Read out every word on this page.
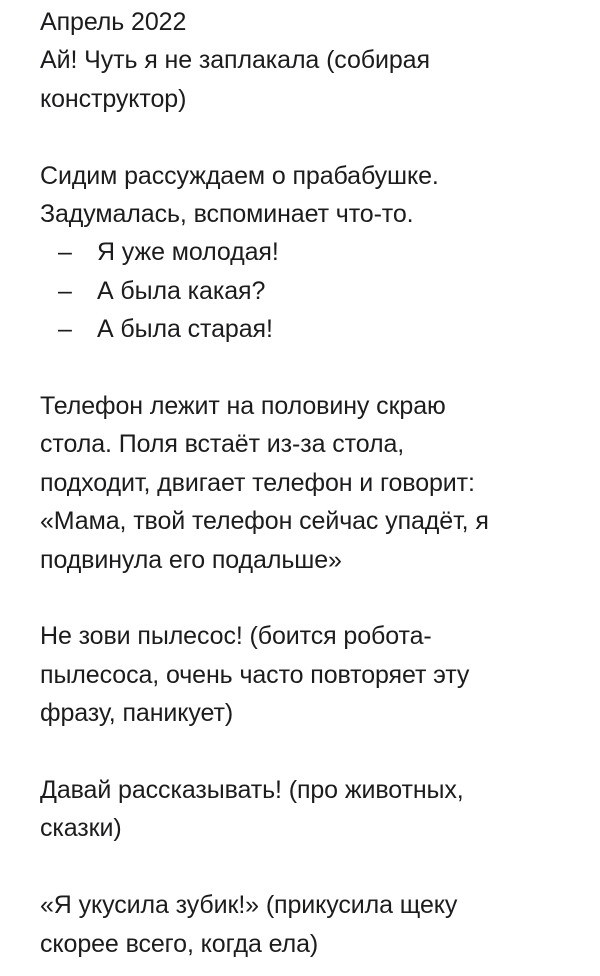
Апрель 2022

Ай! Чуть я не заплакала (собирая

конструктор)

Сидим рассуждаем о прабабушке.

Задумалась, вспоминает что-то.

– Я уже молодая!

– А была какая?

– А была старая!

Телефон лежит на половину скраю

стола. Поля встаёт из-за стола,

подходит, двигает телефон и говорит:

«Мама, твой телефон сейчас упадёт, я

подвинула его подальше»

Не зови пылесос! (боится робота-

пылесоса, очень часто повторяет эту

фразу, паникует)

Давай рассказывать! (про животных,

сказки)

«Я укусила зубик!» (прикусила щеку

скорее всего, когда ела)
